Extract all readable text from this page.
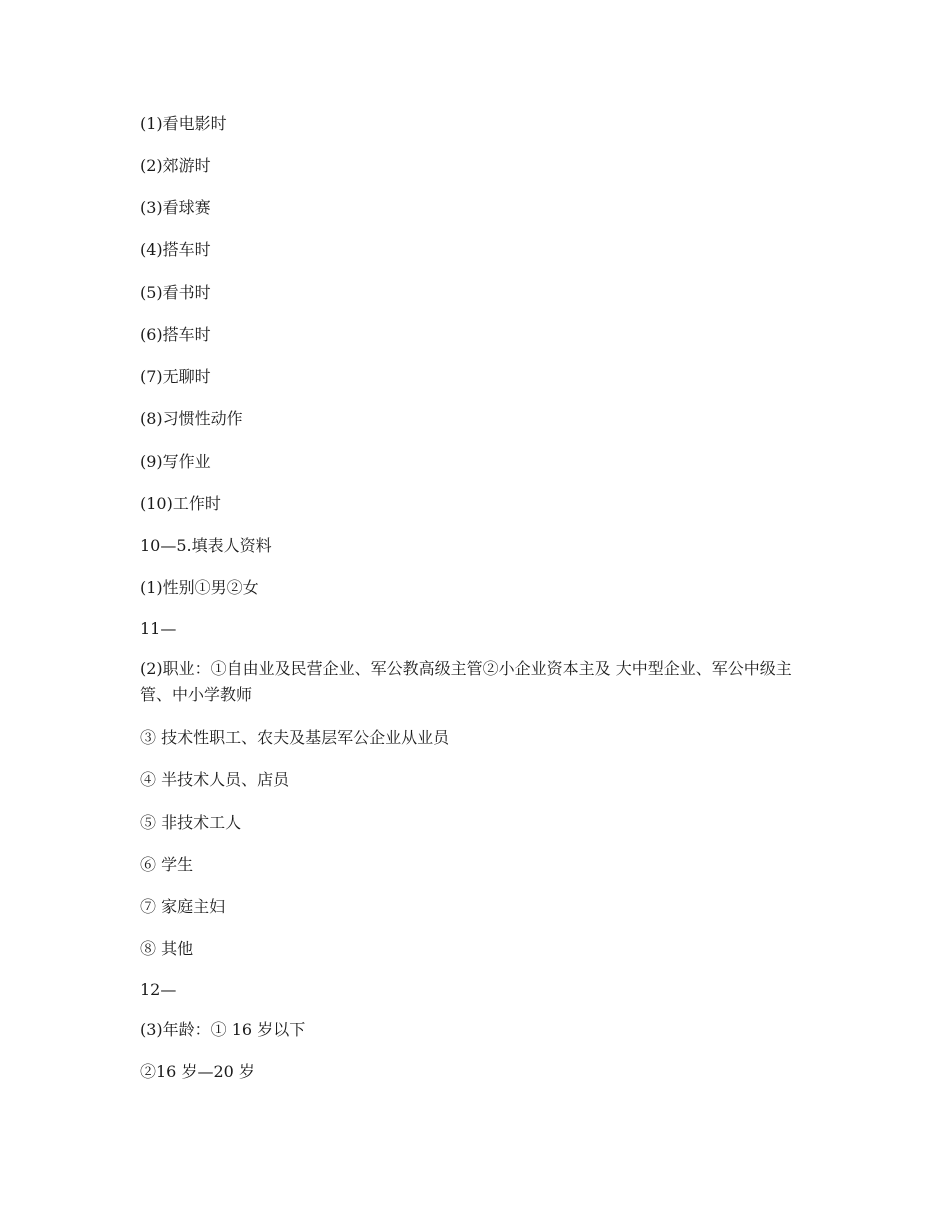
(1)看电影时

(2)郊游时

(3)看球赛

(4)搭车时

(5)看书时

(6)搭车时

(7)无聊时

(8)习惯性动作

(9)写作业

(10)工作时

10—5.填表人资料

(1)性别①男②女

11—

(2)职业：①自由业及民营企业、军公教高级主管②小企业资本主及 大中型企业、军公中级主管、中小学教师

③ 技术性职工、农夫及基层军公企业从业员

④ 半技术人员、店员

⑤ 非技术工人

⑥ 学生

⑦ 家庭主妇

⑧ 其他

12—

(3)年龄：① 16 岁以下

②16 岁—20 岁
